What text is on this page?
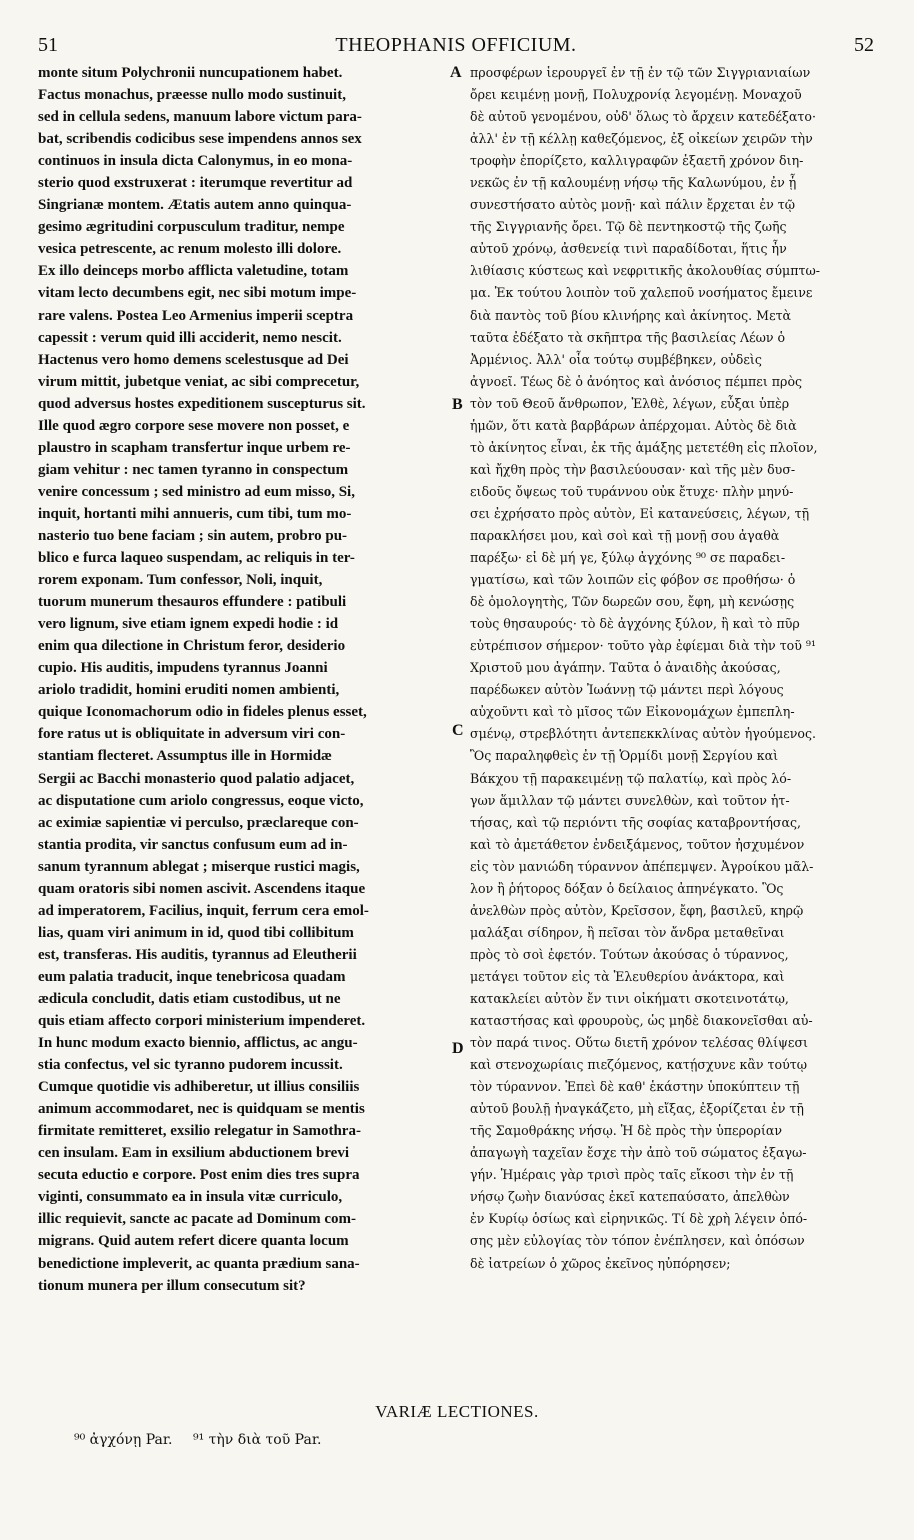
51	THEOPHANIS OFFICIUM.	52
monte situm Polychronii nuncupationem habet.
Factus monachus, præesse nullo modo sustinuit,
sed in cellula sedens, manuum labore victum para-
bat, scribendis codicibus sese impendens annos sex
continuos in insula dicta Calonymus, in eo mona-
sterio quod exstruxerat : iterumque revertitur ad
Singrianæ montem. Ætatis autem anno quinqua-
gesimo ægritudini corpusculum traditur, nempe
vesica petrescente, ac renum molesto illi dolore.
Ex illo deinceps morbo afflicta valetudine, totam
vitam lecto decumbens egit, nec sibi motum impe-
rare valens. Postea Leo Armenius imperii sceptra
capessit : verum quid illi acciderit, nemo nescit.
Hactenus vero homo demens scelestusque ad Dei
virum mittit, jubetque veniat, ac sibi comprecetur,
quod adversus hostes expeditionem suscepturus sit.
Ille quod ægro corpore sese movere non posset, e
plaustro in scapham transfertur inque urbem re-
giam vehitur : nec tamen tyranno in conspectum
venire concessum ; sed ministro ad eum misso, Si,
inquit, hortanti mihi annueris, cum tibi, tum mo-
nasterio tuo bene faciam ; sin autem, probro pu-
blico e furca laqueo suspendam, ac reliquis in ter-
rorem exponam. Tum confessor, Noli, inquit,
tuorum munerum thesauros effundere : patibuli
vero lignum, sive etiam ignem expedi hodie : id
enim qua dilectione in Christum feror, desiderio
cupio. His auditis, impudens tyrannus Joanni
ariolo tradidit, homini eruditi nomen ambienti,
quique Iconomachorum odio in fideles plenus esset,
fore ratus ut is obliquitate in adversum viri con-
stantiam flecteret. Assumptus ille in Hormidæ
Sergii ac Bacchi monasterio quod palatio adjacet,
ac disputatione cum ariolo congressus, eoque victo,
ac eximiæ sapientiæ vi perculso, præclareque con-
stantia prodita, vir sanctus confusum eum ad in-
sanum tyrannum ablegat ; miserque rustici magis,
quam oratoris sibi nomen ascivit. Ascendens itaque
ad imperatorem, Facilius, inquit, ferrum cera emol-
lias, quam viri animum in id, quod tibi collibitum
est, transferas. His auditis, tyrannus ad Eleutherii
eum palatia traducit, inque tenebricosa quadam
ædicula concludit, datis etiam custodibus, ut ne
quis etiam affecto corpori ministerium impenderet.
In hunc modum exacto biennio, afflictus, ac angu-
stia confectus, vel sic tyranno pudorem incussit.
Cumque quotidie vis adhiberetur, ut illius consiliis
animum accommodaret, nec is quidquam se mentis
firmitate remitteret, exsilio relegatur in Samothra-
cen insulam. Eam in exsilium abductionem brevi
secuta eductio e corpore. Post enim dies tres supra
viginti, consummato ea in insula vitæ curriculo,
illic requievit, sancte ac pacate ad Dominum com-
migrans. Quid autem refert dicere quanta locum
benedictione impleverit, ac quanta prædium sana-
tionum munera per illum consecutum sit?
προσφέρων ἱερουργεῖ ἐν τῇ ἐν τῷ τῶν Σιγγριανιαίων
ὄρει κειμένῃ μονῇ, Πολυχρονίᾳ λεγομένῃ. Μοναχοῦ
δὲ αὐτοῦ γενομένου, οὐδ' ὅλως τὸ ἄρχειν κατεδέξατο·
ἀλλ' ἐν τῇ κέλλῃ καθεζόμενος, ἐξ οἰκείων χειρῶν τὴν
τροφὴν ἐπορίζετο, καλλιγραφῶν ἑξαετῆ χρόνον διη-
νεκῶς ἐν τῇ καλουμένῃ νήσῳ τῆς Καλωνύμου, ἐν ᾗ
συνεστήσατο αὐτὸς μονῇ· καὶ πάλιν ἔρχεται ἐν τῷ
τῆς Σιγγριανῆς ὄρει. Τῷ δὲ πεντηκοστῷ τῆς ζωῆς
αὐτοῦ χρόνῳ, ἀσθενείᾳ τινὶ παραδίδοται, ἥτις ἦν
λιθίασις κύστεως καὶ νεφριτικῆς ἀκολουθίας σύμπτω-
μα. Ἐκ τούτου λοιπὸν τοῦ χαλεποῦ νοσήματος ἔμεινε
διὰ παντὸς τοῦ βίου κλινήρης καὶ ἀκίνητος. Μετὰ
ταῦτα ἐδέξατο τὰ σκῆπτρα τῆς βασιλείας Λέων ὁ
Ἀρμένιος. Ἀλλ' οἷα τούτῳ συμβέβηκεν, οὐδεὶς
ἀγνοεῖ. Τέως δὲ ὁ ἀνόητος καὶ ἀνόσιος πέμπει πρὸς
τὸν τοῦ Θεοῦ ἄνθρωπον, Ἐλθὲ, λέγων, εὖξαι ὑπὲρ
ἡμῶν, ὅτι κατὰ βαρβάρων ἀπέρχομαι. Αὐτὸς δὲ διὰ
τὸ ἀκίνητος εἶναι, ἐκ τῆς ἁμάξης μετετέθη εἰς πλοῖον,
καὶ ἤχθη πρὸς τὴν βασιλεύουσαν· καὶ τῆς μὲν δυσ-
ειδοῦς ὄψεως τοῦ τυράννου οὐκ ἔτυχε· πλὴν μηνύ-
σει ἐχρήσατο πρὸς αὐτὸν, Εἰ κατανεύσεις, λέγων, τῇ
παρακλήσει μου, καὶ σοὶ καὶ τῇ μονῇ σου ἀγαθὰ
παρέξω· εἰ δὲ μή γε, ξύλῳ ἀγχόνης ⁹⁰ σε παραδει-
γματίσω, καὶ τῶν λοιπῶν εἰς φόβον σε προθήσω· ὁ
δὲ ὁμολογητὴς, Τῶν δωρεῶν σου, ἔφη, μὴ κενώσῃς
τοὺς θησαυρούς· τὸ δὲ ἀγχόνης ξύλον, ἢ καὶ τὸ πῦρ
εὐτρέπισον σήμερον· τοῦτο γὰρ ἐφίεμαι διὰ τὴν τοῦ ⁹¹
Χριστοῦ μου ἀγάπην. Ταῦτα ὁ ἀναιδὴς ἀκούσας,
παρέδωκεν αὐτὸν Ἰωάννῃ τῷ μάντει περὶ λόγους
αὐχοῦντι καὶ τὸ μῖσος τῶν Εἰκονομάχων ἐμπεπλη-
σμένῳ, στρεβλότητι ἀντεπεκκλίνας αὐτὸν ἡγούμενος.
Ὃς παραληφθεὶς ἐν τῇ Ὁρμίδι μονῇ Σεργίου καὶ
Βάκχου τῇ παρακειμένῃ τῷ παλατίῳ, καὶ πρὸς λό-
γων ἅμιλλαν τῷ μάντει συνελθὼν, καὶ τοῦτον ἡτ-
τήσας, καὶ τῷ περιόντι τῆς σοφίας καταβροντήσας,
καὶ τὸ ἀμετάθετον ἐνδειξάμενος, τοῦτον ἠσχυμένον
εἰς τὸν μανιώδη τύραννον ἀπέπεμψεν. Ἀγροίκου μᾶλ-
λον ἢ ῥήτορος δόξαν ὁ δείλαιος ἀπηνέγκατο. Ὃς
ἀνελθὼν πρὸς αὐτὸν, Κρεῖσσον, ἔφη, βασιλεῦ, κηρῷ
μαλάξαι σίδηρον, ἢ πεῖσαι τὸν ἄνδρα μεταθεῖναι
πρὸς τὸ σοὶ ἐφετόν. Τούτων ἀκούσας ὁ τύραννος,
μετάγει τοῦτον εἰς τὰ Ἐλευθερίου ἀνάκτορα, καὶ
κατακλείει αὐτὸν ἔν τινι οἰκήματι σκοτεινοτάτῳ,
καταστήσας καὶ φρουροὺς, ὡς μηδὲ διακονεῖσθαι αὐ-
τὸν παρά τινος. Οὕτω διετῆ χρόνον τελέσας θλίψεσι
καὶ στενοχωρίαις πιεζόμενος, κατῄσχυνε κἂν τούτῳ
τὸν τύραννον. Ἐπεὶ δὲ καθ' ἑκάστην ὑποκύπτειν τῇ
αὐτοῦ βουλῇ ἠναγκάζετο, μὴ εἴξας, ἐξορίζεται ἐν τῇ
τῆς Σαμοθράκης νήσῳ. Ἡ δὲ πρὸς τὴν ὑπερορίαν
ἀπαγωγὴ ταχεῖαν ἔσχε τὴν ἀπὸ τοῦ σώματος ἐξαγω-
γήν. Ἡμέραις γὰρ τρισὶ πρὸς ταῖς εἴκοσι τὴν ἐν τῇ
νήσῳ ζωὴν διανύσας ἐκεῖ κατεπαύσατο, ἀπελθὼν
ἐν Κυρίῳ ὁσίως καὶ εἰρηνικῶς. Τί δὲ χρὴ λέγειν ὁπό-
σης μὲν εὐλογίας τὸν τόπον ἐνέπλησεν, καὶ ὁπόσων
δὲ ἰατρείων ὁ χῶρος ἐκεῖνος ηὐπόρησεν;
A
B
C
D
VARIÆ LECTIONES.
⁹⁰ ἀγχόνῃ Par. ⁹¹ τὴν διὰ τοῦ Par.
